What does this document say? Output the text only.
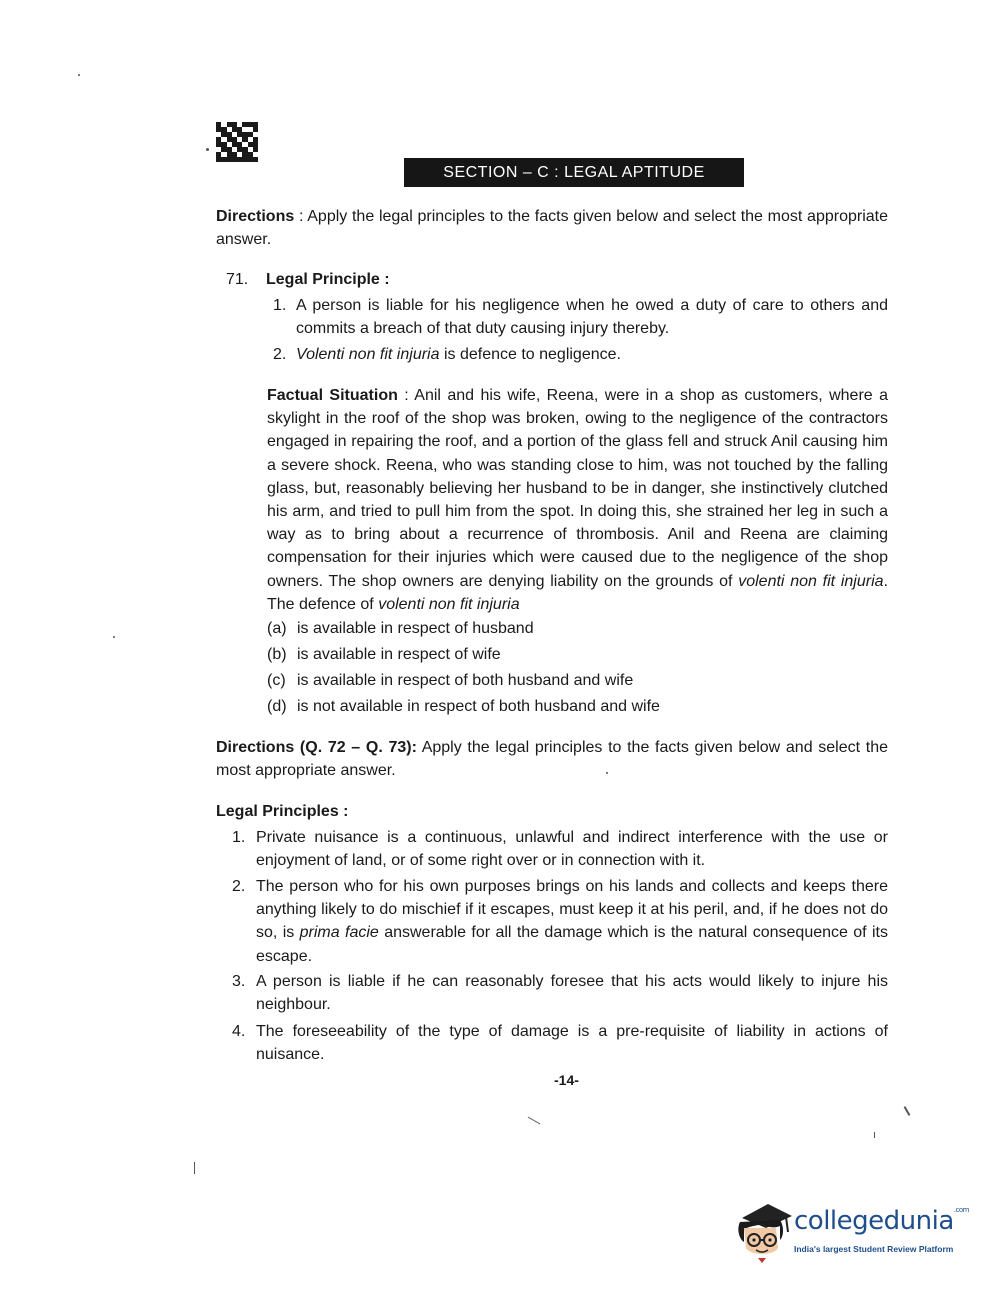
SECTION – C : LEGAL APTITUDE
Directions : Apply the legal principles to the facts given below and select the most appropriate answer.
71. Legal Principle :
1. A person is liable for his negligence when he owed a duty of care to others and commits a breach of that duty causing injury thereby.
2. Volenti non fit injuria is defence to negligence.
Factual Situation : Anil and his wife, Reena, were in a shop as customers, where a skylight in the roof of the shop was broken, owing to the negligence of the contractors engaged in repairing the roof, and a portion of the glass fell and struck Anil causing him a severe shock. Reena, who was standing close to him, was not touched by the falling glass, but, reasonably believing her husband to be in danger, she instinctively clutched his arm, and tried to pull him from the spot. In doing this, she strained her leg in such a way as to bring about a recurrence of thrombosis. Anil and Reena are claiming compensation for their injuries which were caused due to the negligence of the shop owners. The shop owners are denying liability on the grounds of volenti non fit injuria. The defence of volenti non fit injuria
(a) is available in respect of husband
(b) is available in respect of wife
(c) is available in respect of both husband and wife
(d) is not available in respect of both husband and wife
Directions (Q. 72 – Q. 73): Apply the legal principles to the facts given below and select the most appropriate answer.
Legal Principles :
1. Private nuisance is a continuous, unlawful and indirect interference with the use or enjoyment of land, or of some right over or in connection with it.
2. The person who for his own purposes brings on his lands and collects and keeps there anything likely to do mischief if it escapes, must keep it at his peril, and, if he does not do so, is prima facie answerable for all the damage which is the natural consequence of its escape.
3. A person is liable if he can reasonably foresee that his acts would likely to injure his neighbour.
4. The foreseeability of the type of damage is a pre-requisite of liability in actions of nuisance.
-14-
collegedunia$^{.com}$
India's largest Student Review Platform
